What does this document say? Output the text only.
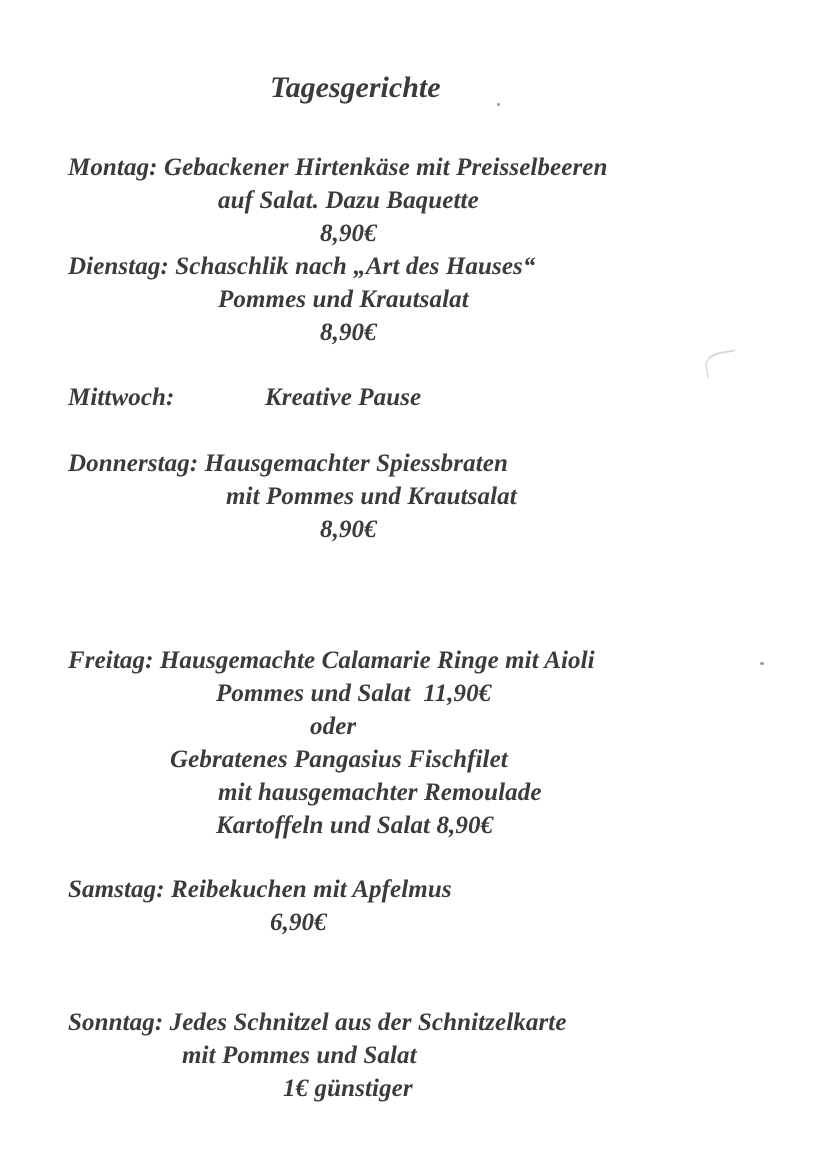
Tagesgerichte
Montag: Gebackener Hirtenkäse mit Preisselbeeren
auf Salat. Dazu Baquette
8,90€
Dienstag: Schaschlik nach „Art des Hauses“
Pommes und Krautsalat
8,90€
Mittwoch:	Kreative Pause
Donnerstag: Hausgemachter Spiessbraten
mit Pommes und Krautsalat
8,90€
Freitag: Hausgemachte Calamarie Ringe mit Aioli
Pommes und Salat  11,90€
oder
Gebratenes Pangasius Fischfilet
mit hausgemachter Remoulade
Kartoffeln und Salat 8,90€
Samstag: Reibekuchen mit Apfelmus
6,90€
Sonntag: Jedes Schnitzel aus der Schnitzelkarte
mit Pommes und Salat
1€ günstiger
